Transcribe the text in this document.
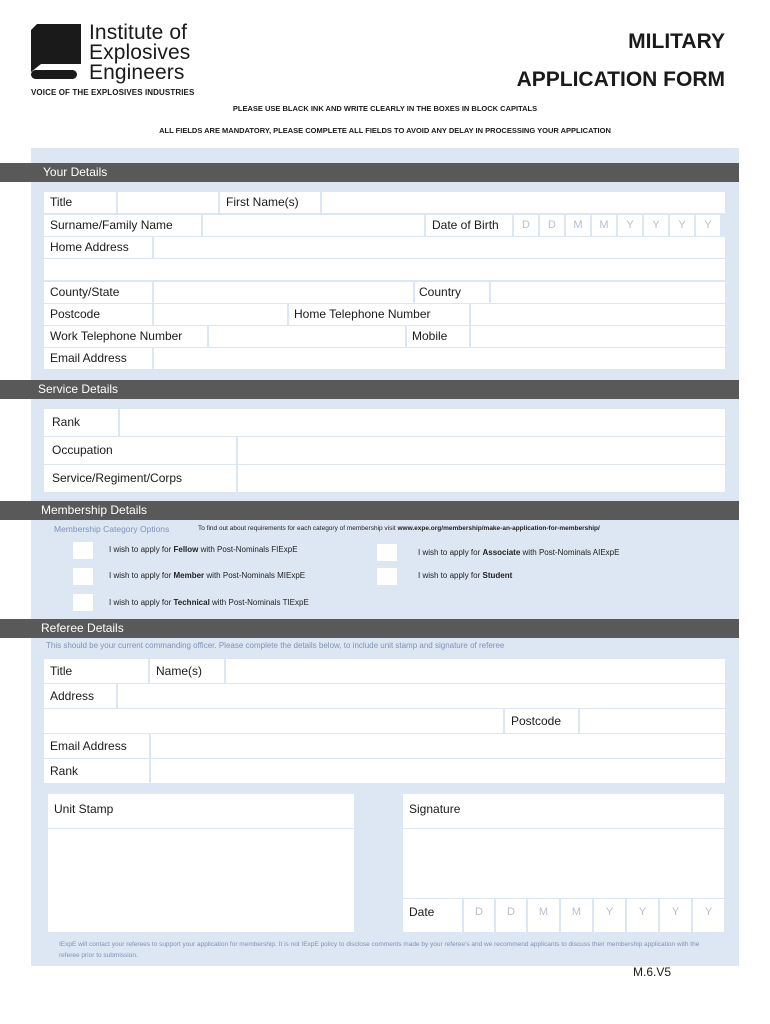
Institute of
Explosives
Engineers
VOICE OF THE EXPLOSIVES INDUSTRIES
MILITARY
APPLICATION FORM
PLEASE USE BLACK INK AND WRITE CLEARLY IN THE BOXES IN BLOCK CAPITALS
ALL FIELDS ARE MANDATORY, PLEASE COMPLETE ALL FIELDS TO AVOID ANY DELAY IN PROCESSING YOUR APPLICATION
Your Details
Title	First Name(s)
Surname/Family Name	Date of Birth	D	D	M	M	Y	Y	Y	Y
Home Address
County/State	Country
Postcode	Home Telephone Number
Work Telephone Number	Mobile
Email Address
Service Details
Rank
Occupation
Service/Regiment/Corps
Membership Details
Membership Category Options	To find out about requirements for each category of membership visit www.expe.org/membership/make-an-application-for-membership/
I wish to apply for Fellow with Post-Nominals FIExpE	I wish to apply for Associate with Post-Nominals AIExpE
I wish to apply for Member with Post-Nominals MIExpE	I wish to apply for Student
I wish to apply for Technical with Post-Nominals TIExpE
Referee Details
This should be your current commanding officer. Please complete the details below, to include unit stamp and signature of referee
Title	Name(s)
Address
Postcode
Email Address
Rank
Unit Stamp	Signature
Date	D	D	M	M	Y	Y	Y	Y
IExpE will contact your referees to support your application for membership. It is not IExpE policy to disclose comments made by your referee's and we recommend applicants to discuss their membership application with the referee prior to submission.
M.6.V5
